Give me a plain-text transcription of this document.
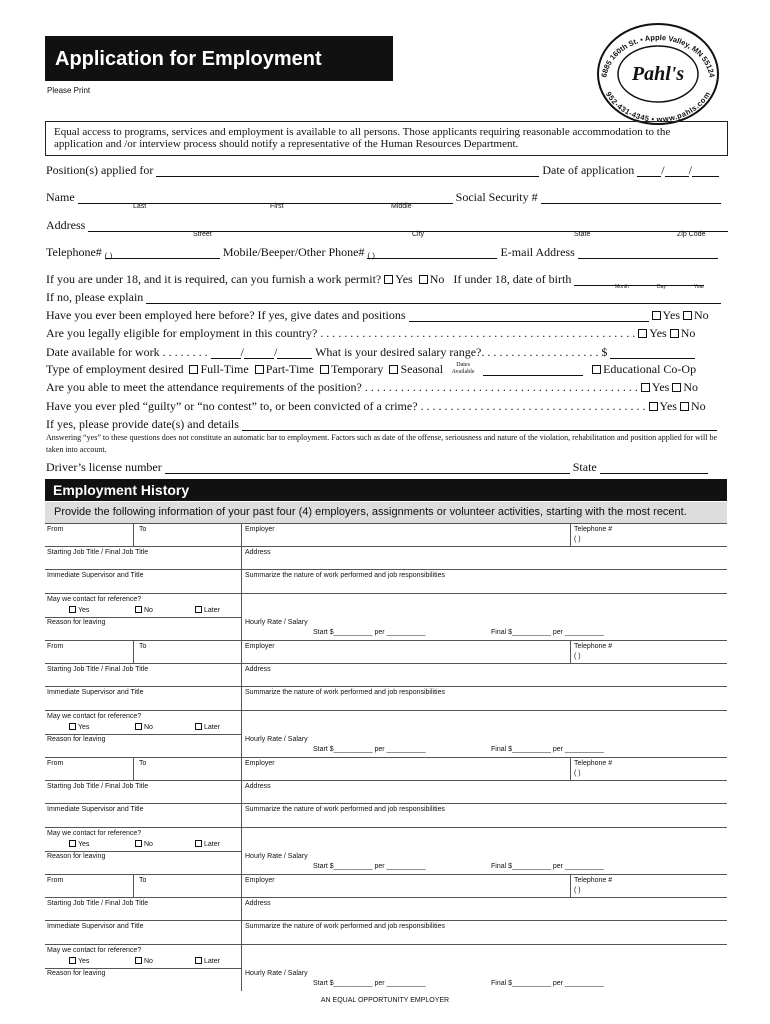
Application for Employment
Please Print
6885 160th St. • Apple Valley, MN 55124
952-431-4345 • www.pahls.com
Pahl's
Equal access to programs, services and employment is available to all persons. Those applicants requiring reasonable accommodation to the application and /or interview process should notify a representative of the Human Resources Department.
Position(s) applied for	Date of application / /
Name	Social Security #
Last	First	Middle
Address
Street	City	State	Zip Code
Telephone# ( )	Mobile/Beeper/Other Phone# ( )	E-mail Address
If you are under 18, and it is required, can you furnish a work permit? Yes No If under 18, date of birth
Month	Day	Year
If no, please explain
Have you ever been employed here before? If yes, give dates and positions	Yes No
Are you legally eligible for employment in this country? . . . . . . . . . . . . . . . . . . . . . . . . . . . . . . . . . . . . . . . . . . . . . . . . . . . . . Yes No
Date available for work . . . . . . . .	/	/	What is your desired salary range?. . . . . . . . . . . . . . . . . . . . $
Type of employment desired Full-Time Part-Time Temporary Seasonal Dates Available	Educational Co-Op
Are you able to meet the attendance requirements of the position? . . . . . . . . . . . . . . . . . . . . . . . . . . . . . . . . . . . . . . . . . . . . . . Yes No
Have you ever pled “guilty” or “no contest” to, or been convicted of a crime? . . . . . . . . . . . . . . . . . . . . . . . . . . . . . . . . . . . . . . Yes No
If yes, please provide date(s) and details
Answering “yes” to these questions does not constitute an automatic bar to employment. Factors such as date of the offense, seriousness and nature of the violation, rehabilitation and position applied for will be taken into account.
Driver’s license number	State
Employment History
Provide the following information of your past four (4) employers, assignments or volunteer activities, starting with the most recent.
From	To	Employer	Telephone #
( )
Starting Job Title / Final Job Title	Address
Immediate Supervisor and Title	Summarize the nature of work performed and job responsibilities
May we contact for reference?
Yes	No	Later
Reason for leaving	Hourly Rate / Salary
Start $__________ per __________	Final $__________ per __________
From	To	Employer	Telephone #
( )
Starting Job Title / Final Job Title	Address
Immediate Supervisor and Title	Summarize the nature of work performed and job responsibilities
May we contact for reference?
Yes	No	Later
Reason for leaving	Hourly Rate / Salary
Start $__________ per __________	Final $__________ per __________
From	To	Employer	Telephone #
( )
Starting Job Title / Final Job Title	Address
Immediate Supervisor and Title	Summarize the nature of work performed and job responsibilities
May we contact for reference?
Yes	No	Later
Reason for leaving	Hourly Rate / Salary
Start $__________ per __________	Final $__________ per __________
From	To	Employer	Telephone #
( )
Starting Job Title / Final Job Title	Address
Immediate Supervisor and Title	Summarize the nature of work performed and job responsibilities
May we contact for reference?
Yes	No	Later
Reason for leaving	Hourly Rate / Salary
Start $__________ per __________	Final $__________ per __________
AN EQUAL OPPORTUNITY EMPLOYER
